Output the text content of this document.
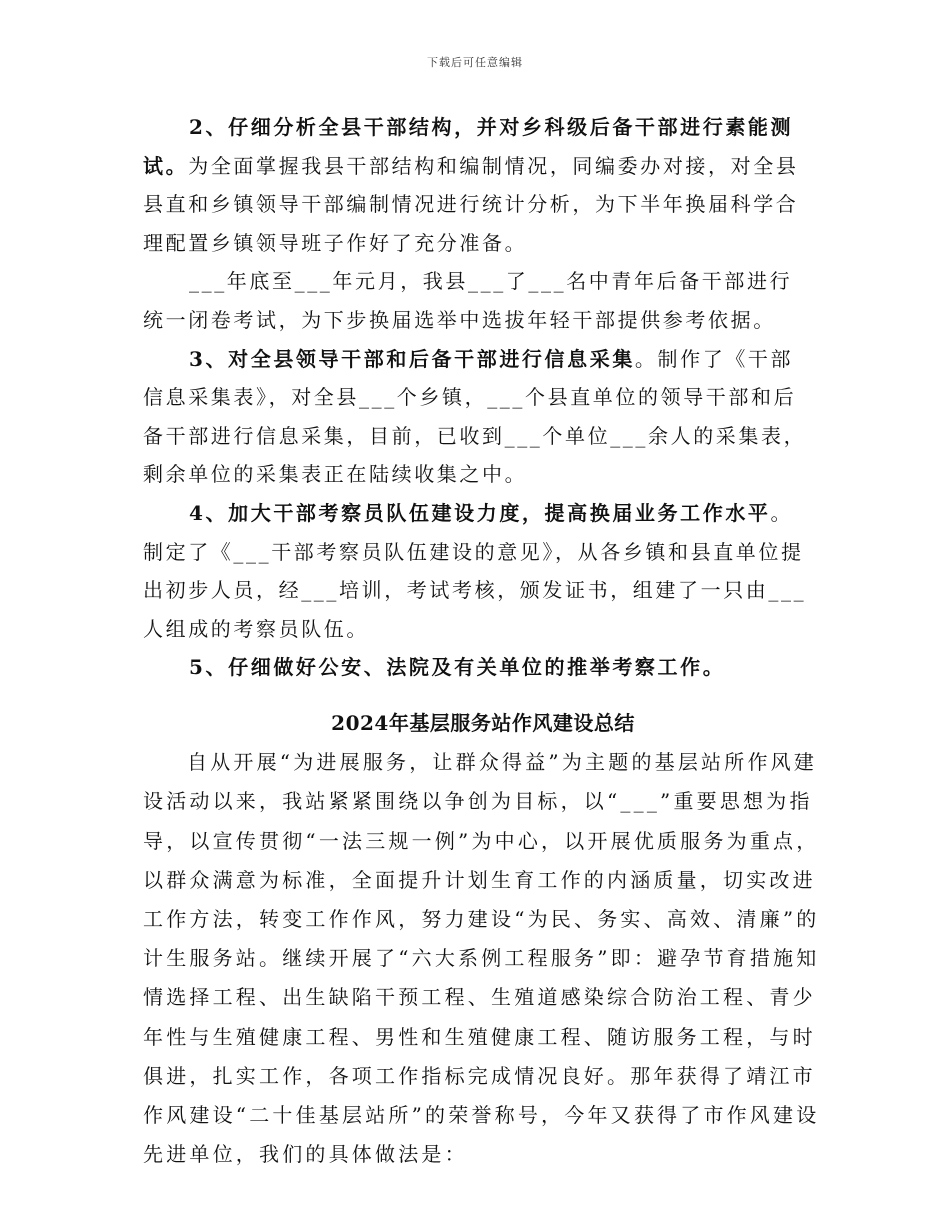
下载后可任意编辑

2、仔细分析全县干部结构，并对乡科级后备干部进行素能测试。为全面掌握我县干部结构和编制情况，同编委办对接，对全县县直和乡镇领导干部编制情况进行统计分析，为下半年换届科学合理配置乡镇领导班子作好了充分准备。

___年底至___年元月，我县___了___名中青年后备干部进行统一闭卷考试，为下步换届选举中选拔年轻干部提供参考依据。

3、对全县领导干部和后备干部进行信息采集。制作了《干部信息采集表》，对全县___个乡镇，___个县直单位的领导干部和后备干部进行信息采集，目前，已收到___个单位___余人的采集表，剩余单位的采集表正在陆续收集之中。

4、加大干部考察员队伍建设力度，提高换届业务工作水平。制定了《___干部考察员队伍建设的意见》，从各乡镇和县直单位提出初步人员，经___培训，考试考核，颁发证书，组建了一只由___人组成的考察员队伍。

5、仔细做好公安、法院及有关单位的推举考察工作。

2024年基层服务站作风建设总结

自从开展“为进展服务，让群众得益”为主题的基层站所作风建设活动以来，我站紧紧围绕以争创为目标，以“___”重要思想为指导，以宣传贯彻“一法三规一例”为中心，以开展优质服务为重点，以群众满意为标准，全面提升计划生育工作的内涵质量，切实改进工作方法，转变工作作风，努力建设“为民、务实、高效、清廉”的计生服务站。继续开展了“六大系例工程服务”即：避孕节育措施知情选择工程、出生缺陷干预工程、生殖道感染综合防治工程、青少年性与生殖健康工程、男性和生殖健康工程、随访服务工程，与时俱进，扎实工作，各项工作指标完成情况良好。那年获得了靖江市作风建设“二十佳基层站所”的荣誉称号，今年又获得了市作风建设先进单位，我们的具体做法是：
